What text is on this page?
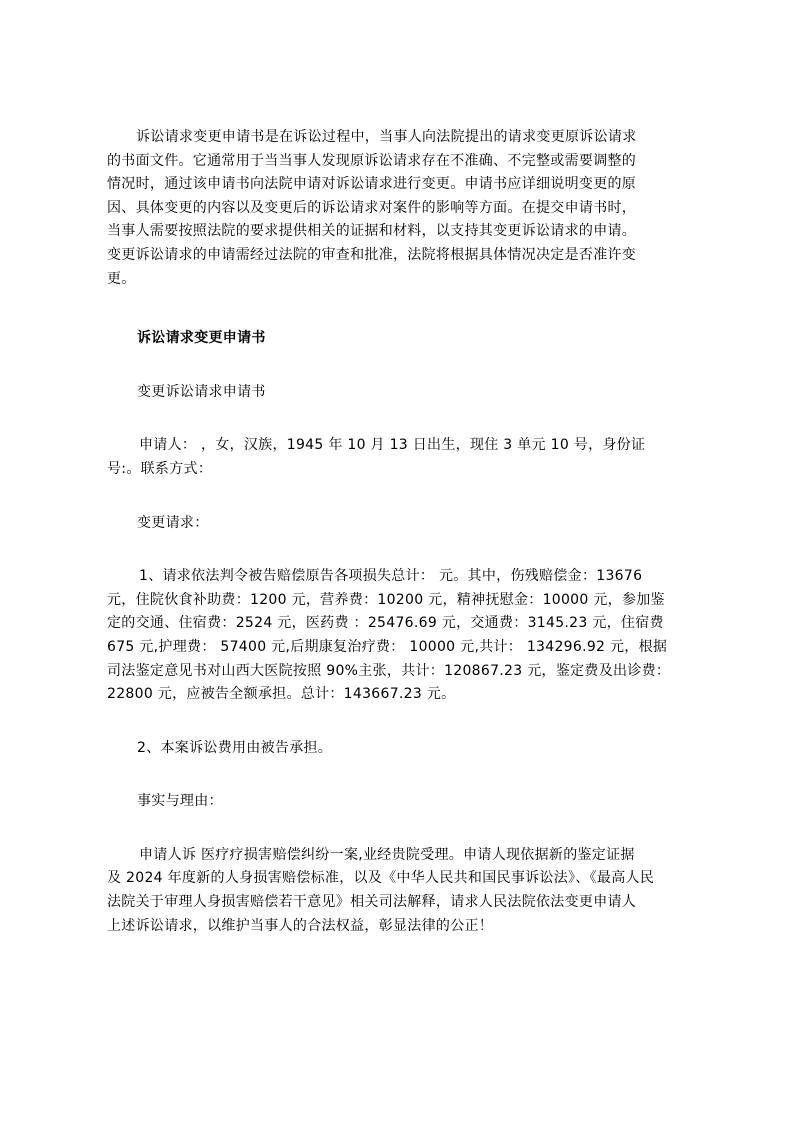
诉讼请求变更申请书是在诉讼过程中，当事人向法院提出的请求变更原诉讼请求
的书面文件。它通常用于当当事人发现原诉讼请求存在不准确、不完整或需要调整的
情况时，通过该申请书向法院申请对诉讼请求进行变更。申请书应详细说明变更的原
因、具体变更的内容以及变更后的诉讼请求对案件的影响等方面。在提交申请书时，
当事人需要按照法院的要求提供相关的证据和材料，以支持其变更诉讼请求的申请。
变更诉讼请求的申请需经过法院的审查和批准，法院将根据具体情况决定是否准许变
更。
诉讼请求变更申请书
变更诉讼请求申请书
申请人： ，女，汉族，1945 年 10 月 13 日出生，现住 3 单元 10 号，身份证
号:。联系方式：
变更请求：
1、请求依法判令被告赔偿原告各项损失总计： 元。其中，伤残赔偿金：13676
元，住院伙食补助费：1200 元，营养费：10200 元，精神抚慰金：10000 元，参加鉴
定的交通、住宿费：2524 元，医药费 ：25476.69 元，交通费：3145.23 元，住宿费
675 元,护理费： 57400 元,后期康复治疗费： 10000 元,共计： 134296.92 元，根据
司法鉴定意见书对山西大医院按照 90%主张，共计：120867.23 元，鉴定费及出诊费：
22800 元，应被告全额承担。总计：143667.23 元。
2、本案诉讼费用由被告承担。
事实与理由：
申请人诉 医疗疗损害赔偿纠纷一案,业经贵院受理。申请人现依据新的鉴定证据
及 2024 年度新的人身损害赔偿标准，以及《中华人民共和国民事诉讼法》、《最高人民
法院关于审理人身损害赔偿若干意见》相关司法解释，请求人民法院依法变更申请人
上述诉讼请求，以维护当事人的合法权益，彰显法律的公正！
